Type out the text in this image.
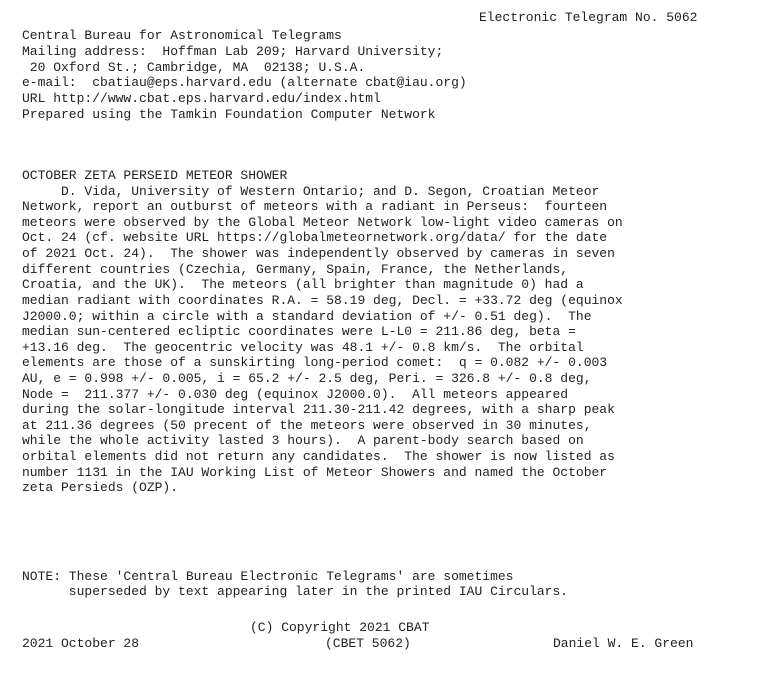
Electronic Telegram No. 5062
Central Bureau for Astronomical Telegrams
Mailing address:  Hoffman Lab 209; Harvard University;
20 Oxford St.; Cambridge, MA  02138; U.S.A.
e-mail:  cbatiau@eps.harvard.edu (alternate cbat@iau.org)
URL http://www.cbat.eps.harvard.edu/index.html
Prepared using the Tamkin Foundation Computer Network
OCTOBER ZETA PERSEID METEOR SHOWER
D. Vida, University of Western Ontario; and D. Segon, Croatian Meteor
Network, report an outburst of meteors with a radiant in Perseus:  fourteen
meteors were observed by the Global Meteor Network low-light video cameras on
Oct. 24 (cf. website URL https://globalmeteornetwork.org/data/ for the date
of 2021 Oct. 24).  The shower was independently observed by cameras in seven
different countries (Czechia, Germany, Spain, France, the Netherlands,
Croatia, and the UK).  The meteors (all brighter than magnitude 0) had a
median radiant with coordinates R.A. = 58.19 deg, Decl. = +33.72 deg (equinox
J2000.0; within a circle with a standard deviation of +/- 0.51 deg).  The
median sun-centered ecliptic coordinates were L-L0 = 211.86 deg, beta =
+13.16 deg.  The geocentric velocity was 48.1 +/- 0.8 km/s.  The orbital
elements are those of a sunskirting long-period comet:  q = 0.082 +/- 0.003
AU, e = 0.998 +/- 0.005, i = 65.2 +/- 2.5 deg, Peri. = 326.8 +/- 0.8 deg,
Node =  211.377 +/- 0.030 deg (equinox J2000.0).  All meteors appeared
during the solar-longitude interval 211.30-211.42 degrees, with a sharp peak
at 211.36 degrees (50 precent of the meteors were observed in 30 minutes,
while the whole activity lasted 3 hours).  A parent-body search based on
orbital elements did not return any candidates.  The shower is now listed as
number 1131 in the IAU Working List of Meteor Showers and named the October
zeta Persieds (OZP).
NOTE: These 'Central Bureau Electronic Telegrams' are sometimes
superseded by text appearing later in the printed IAU Circulars.
(C) Copyright 2021 CBAT
2021 October 28	(CBET 5062)	Daniel W. E. Green
